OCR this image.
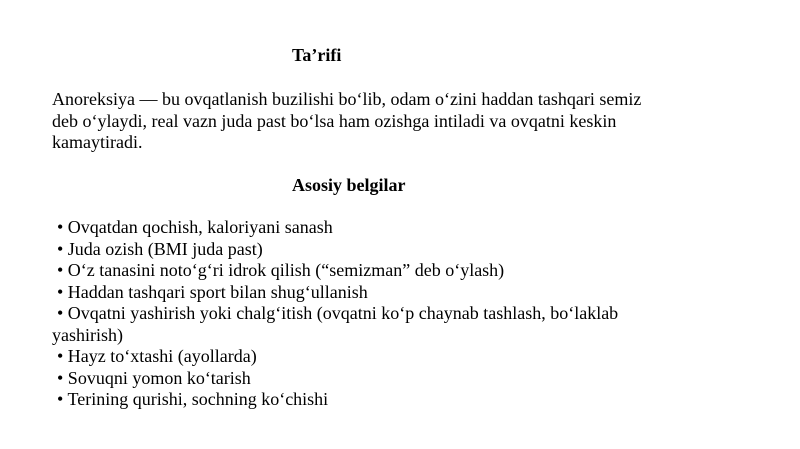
Ta’rifi
Anoreksiya — bu ovqatlanish buzilishi bo‘lib, odam o‘zini haddan tashqari semiz
deb o‘ylaydi, real vazn juda past bo‘lsa ham ozishga intiladi va ovqatni keskin
kamaytiradi.
Asosiy belgilar
• Ovqatdan qochish, kaloriyani sanash
• Juda ozish (BMI juda past)
• O‘z tanasini noto‘g‘ri idrok qilish (“semizman” deb o‘ylash)
• Haddan tashqari sport bilan shug‘ullanish
• Ovqatni yashirish yoki chalg‘itish (ovqatni ko‘p chaynab tashlash, bo‘laklab
yashirish)
• Hayz to‘xtashi (ayollarda)
• Sovuqni yomon ko‘tarish
• Terining qurishi, sochning ko‘chishi
